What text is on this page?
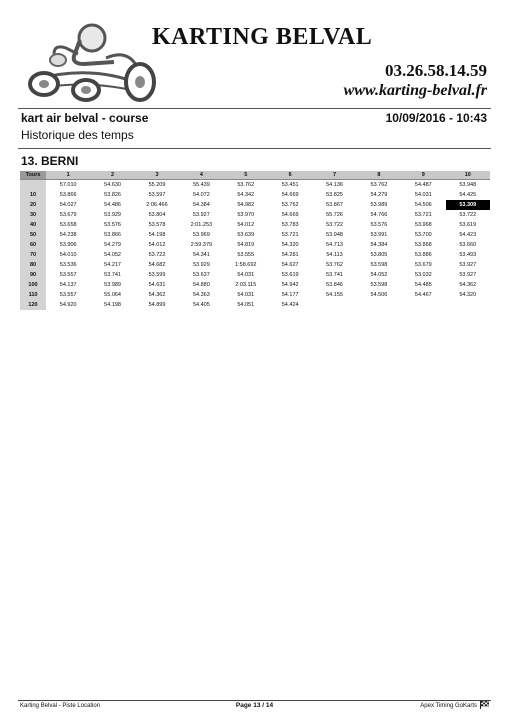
KARTING BELVAL
03.26.58.14.59
www.karting-belval.fr
kart air belval - course	10/09/2016 - 10:43
Historique des temps
13. BERNI
Tours	1	2	3	4	5	6	7	8	9	10
	57.010	54.630	55.209	55.439	53.762	53.451	54.136	53.762	54.487	53.948
10	53.866	53.826	53.597	54.072	54.342	54.669	53.825	54.279	54.031	54.425
20	54.027	54.486	2:06.466	54.384	54.982	53.762	53.867	53.989	54.506	53.309
30	53.679	53.929	53.804	53.927	53.970	54.669	55.726	54.766	53.721	53.722
40	53.658	53.576	53.578	2:01.253	54.012	53.783	53.722	53.576	53.968	53.619
50	54.238	53.866	54.198	53.969	53.639	53.721	53.948	53.991	53.700	54.423
60	53.906	54.279	54.012	2:59.379	54.819	54.320	54.713	54.384	53.868	53.660
70	54.010	54.052	53.722	54.341	53.555	54.281	54.113	53.805	53.886	53.493
80	53.536	54.217	54.682	53.929	1:58.692	54.627	53.762	53.598	53.679	53.927
90	53.557	53.741	53.599	53.637	54.031	53.619	53.741	54.052	53.032	53.927
100	54.137	53.989	54.631	54.880	2:03.115	54.942	53.846	53.598	54.485	54.362
110	53.557	55.064	54.362	54.363	54.031	54.177	54.155	54.506	54.467	54.320
120	54.920	54.198	54.899	54.405	54.051	54.424				
Karting Belval - Piste Location	Page 13 / 14	Apex Timing GoKarts
